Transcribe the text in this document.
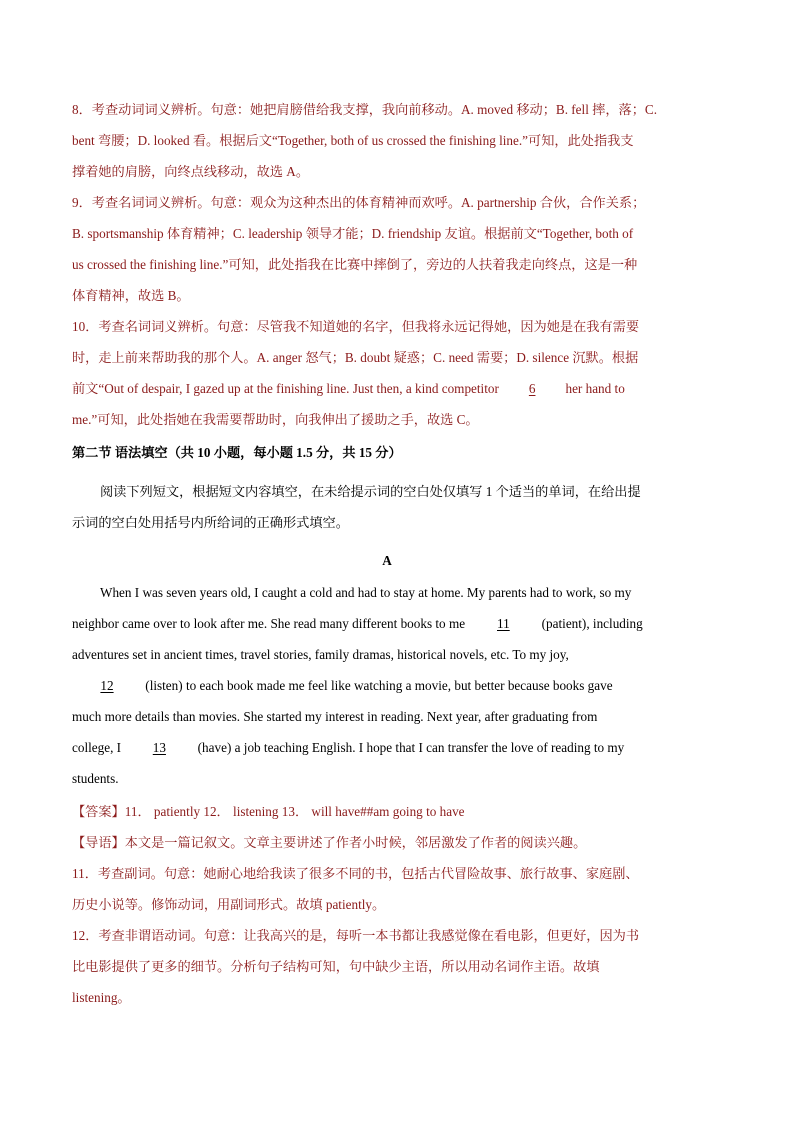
8．考查动词词义辨析。句意：她把肩膀借给我支撑，我向前移动。A. moved 移动；B. fell 摔，落；C.
bent 弯腰；D. looked 看。根据后文“Together, both of us crossed the finishing line.”可知，此处指我支
撑着她的肩膀，向终点线移动，故选 A。
9．考查名词词义辨析。句意：观众为这种杰出的体育精神而欢呼。A. partnership 合伙，合作关系；
B. sportsmanship 体育精神；C. leadership 领导才能；D. friendship 友谊。根据前文“Together, both of
us crossed the finishing line.”可知，此处指我在比赛中摔倒了，旁边的人扶着我走向终点，这是一种
体育精神，故选 B。
10．考查名词词义辨析。句意：尽管我不知道她的名字，但我将永远记得她，因为她是在我有需要
时，走上前来帮助我的那个人。A. anger 怒气；B. doubt 疑惑；C. need 需要；D. silence 沉默。根据
前文“Out of despair, I gazed up at the finishing line. Just then, a kind competitor 6 her hand to
me.”可知，此处指她在我需要帮助时，向我伸出了援助之手，故选 C。
第二节 语法填空（共 10 小题，每小题 1.5 分，共 15 分）
阅读下列短文，根据短文内容填空，在未给提示词的空白处仅填写 1 个适当的单词，在给出提
示词的空白处用括号内所给词的正确形式填空。
A
When I was seven years old, I caught a cold and had to stay at home. My parents had to work, so my
neighbor came over to look after me. She read many different books to me 11 (patient), including
adventures set in ancient times, travel stories, family dramas, historical novels, etc. To my joy,
12 (listen) to each book made me feel like watching a movie, but better because books gave
much more details than movies. She started my interest in reading. Next year, after graduating from
college, I 13 (have) a job teaching English. I hope that I can transfer the love of reading to my
students.
【答案】11． patiently 12． listening 13． will have##am going to have
【导语】本文是一篇记叙文。文章主要讲述了作者小时候，邻居激发了作者的阅读兴趣。
11．考查副词。句意：她耐心地给我读了很多不同的书，包括古代冒险故事、旅行故事、家庭剧、
历史小说等。修饰动词，用副词形式。故填 patiently。
12．考查非谓语动词。句意：让我高兴的是，每听一本书都让我感觉像在看电影，但更好，因为书
比电影提供了更多的细节。分析句子结构可知，句中缺少主语，所以用动名词作主语。故填
listening。
